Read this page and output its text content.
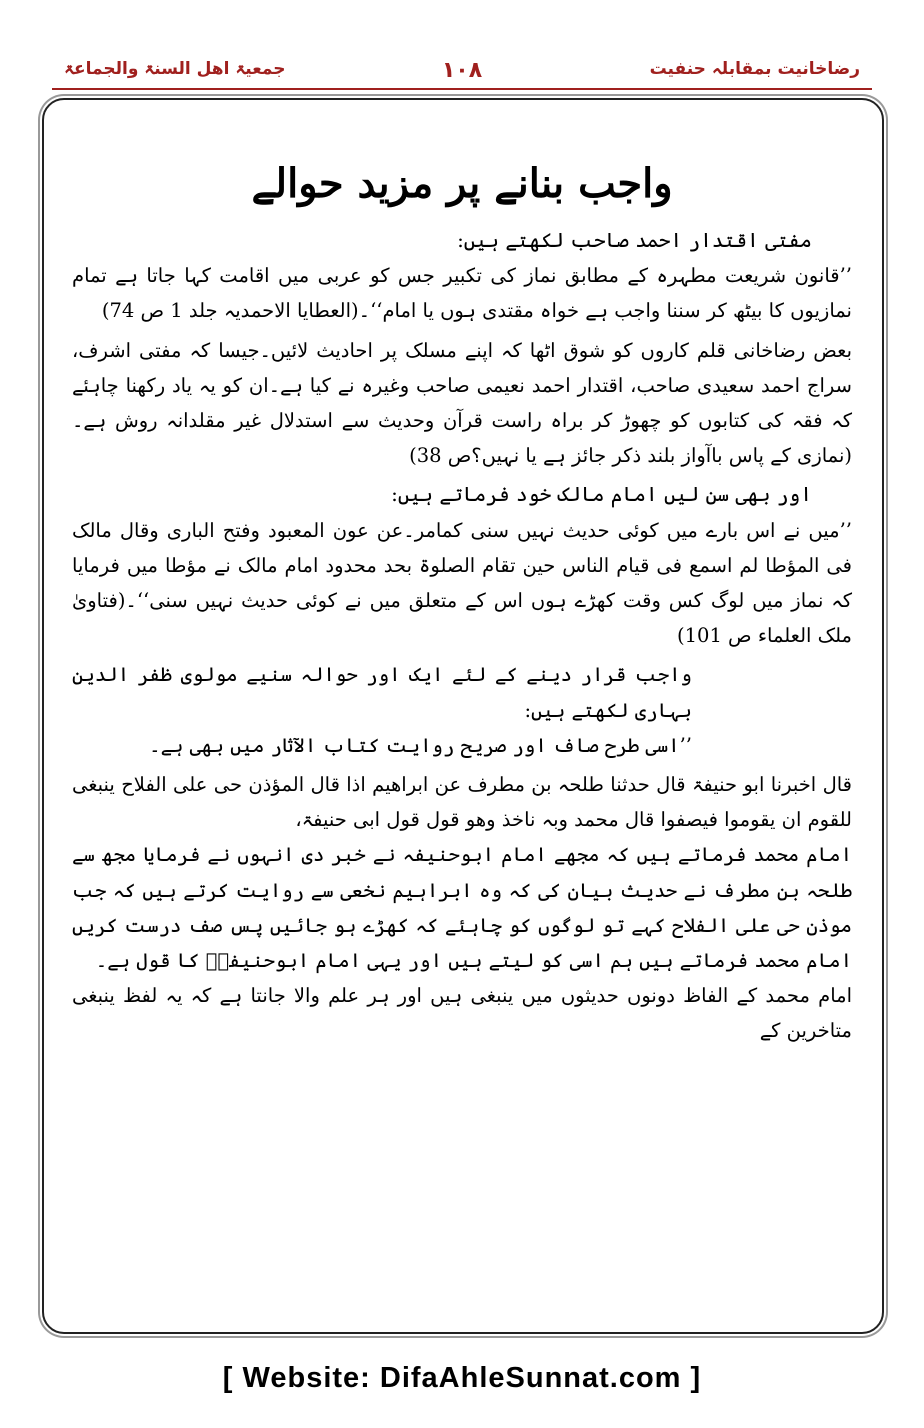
رضاخانیت بمقابلہ حنفیت
۱۰۸
جمعیۃ اھل السنۃ والجماعۃ
واجب بنانے پر مزید حوالے

مفتی اقتدار احمد صاحب لکھتے ہیں:

’’قانون شریعت مطہرہ کے مطابق نماز کی تکبیر جس کو عربی میں اقامت کہا جاتا ہے تمام نمازیوں کا بیٹھ کر سننا واجب ہے خواہ مقتدی ہوں یا امام‘‘۔(العطایا الاحمدیہ جلد 1 ص 74)

بعض رضاخانی قلم کاروں کو شوق اٹھا کہ اپنے مسلک پر احادیث لائیں۔جیسا کہ مفتی اشرف، سراج احمد سعیدی صاحب، اقتدار احمد نعیمی صاحب وغیرہ نے کیا ہے۔ان کو یہ یاد رکھنا چاہئے کہ فقہ کی کتابوں کو چھوڑ کر براہ راست قرآن وحدیث سے استدلال غیر مقلدانہ روش ہے۔(نمازی کے پاس باآواز بلند ذکر جائز ہے یا نہیں؟ص 38)

اور بھی سن لیں امام مالک خود فرماتے ہیں:

’’میں نے اس بارے میں کوئی حدیث نہیں سنی کمامر۔عن عون المعبود وفتح الباری وقال مالک فی المؤطا لم اسمع فی قیام الناس حین تقام الصلوۃ بحد محدود امام مالک نے مؤطا میں فرمایا کہ نماز میں لوگ کس وقت کھڑے ہوں اس کے متعلق میں نے کوئی حدیث نہیں سنی‘‘۔(فتاویٰ ملک العلماء ص 101)

واجب قرار دینے کے لئے ایک اور حوالہ سنیے مولوی ظفر الدین بہاری لکھتے ہیں:

’’اسی طرح صاف اور صریح روایت کتاب الآثار میں بھی ہے۔

قال اخبرنا ابو حنیفۃ قال حدثنا طلحہ بن مطرف عن ابراھیم اذا قال المؤذن حی علی الفلاح ینبغی للقوم ان یقوموا فیصفوا قال محمد وبہ ناخذ وھو قول قول ابی حنیفۃ،

امام محمد فرماتے ہیں کہ مجھے امام ابوحنیفہ نے خبر دی انہوں نے فرمایا مجھ سے طلحہ بن مطرف نے حدیث بیان کی کہ وہ ابراہیم نخعی سے روایت کرتے ہیں کہ جب موذن حی علی الفلاح کہے تو لوگوں کو چاہئے کہ کھڑے ہو جائیں پس صف درست کریں امام محمد فرماتے ہیں ہم اسی کو لیتے ہیں اور یہی امام ابوحنیفہؒ کا قول ہے۔

امام محمد کے الفاظ دونوں حدیثوں میں ینبغی ہیں اور ہر علم والا جانتا ہے کہ یہ لفظ ینبغی متاخرین کے

[ Website: DifaAhleSunnat.com ]
